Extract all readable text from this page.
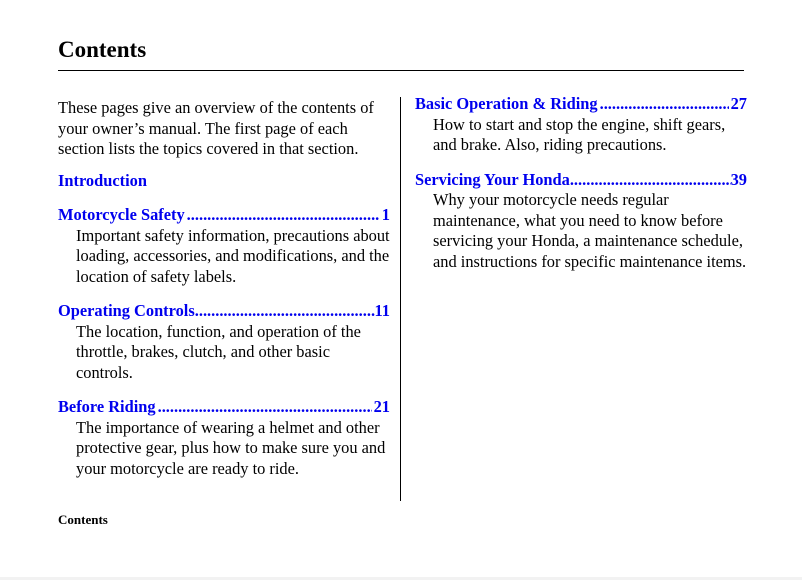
Contents

These pages give an overview of the contents of your owner’s manual. The first page of each section lists the topics covered in that section.

Introduction
Motorcycle Safety .....	1

Important safety information, precautions about loading, accessories, and modifications, and the location of safety labels.

Operating Controls .....	11

The location, function, and operation of the throttle, brakes, clutch, and other basic controls.

Before Riding .....	21

The importance of wearing a helmet and other protective gear, plus how to make sure you and your motorcycle are ready to ride.

Basic Operation & Riding .....	27

How to start and stop the engine, shift gears, and brake. Also, riding precautions.

Servicing Your Honda .....	39

Why your motorcycle needs regular maintenance, what you need to know before servicing your Honda, a maintenance schedule, and instructions for specific maintenance items.

Contents
